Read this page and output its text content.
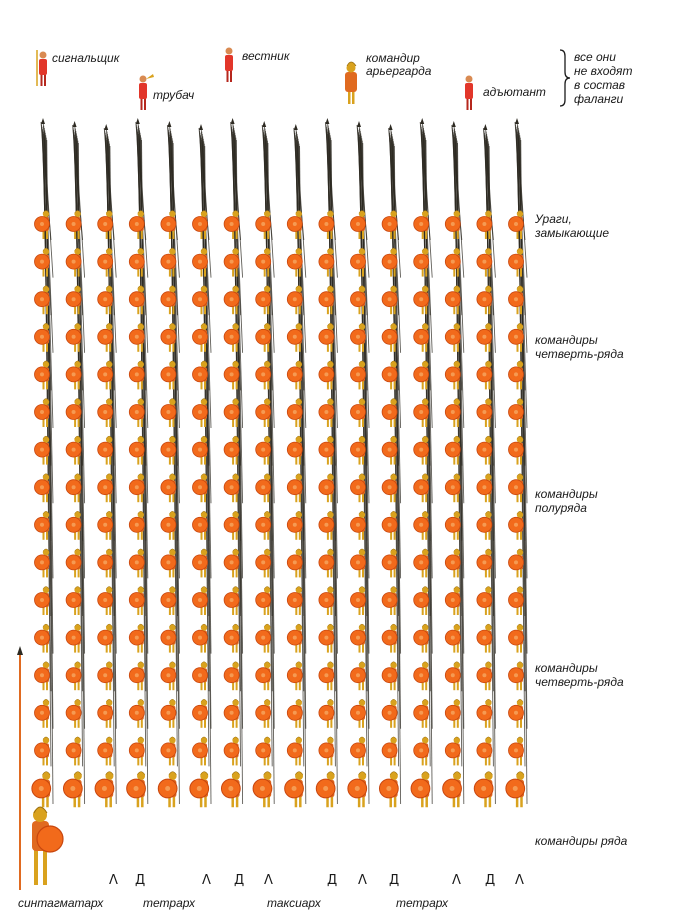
сигнальщик
трубач
вестник	командир
арьергарда
адъютант
все они
не входят
в состав
фаланги
Ураги,
замыкающие
командиры
четверть-ряда
командиры
полуряда
командиры
четверть-ряда
командиры ряда
Λ Д	Λ Д Λ	Д Λ Д	Λ Д Λ
синтагматарх	тетрарх	таксиарх	тетрарх
